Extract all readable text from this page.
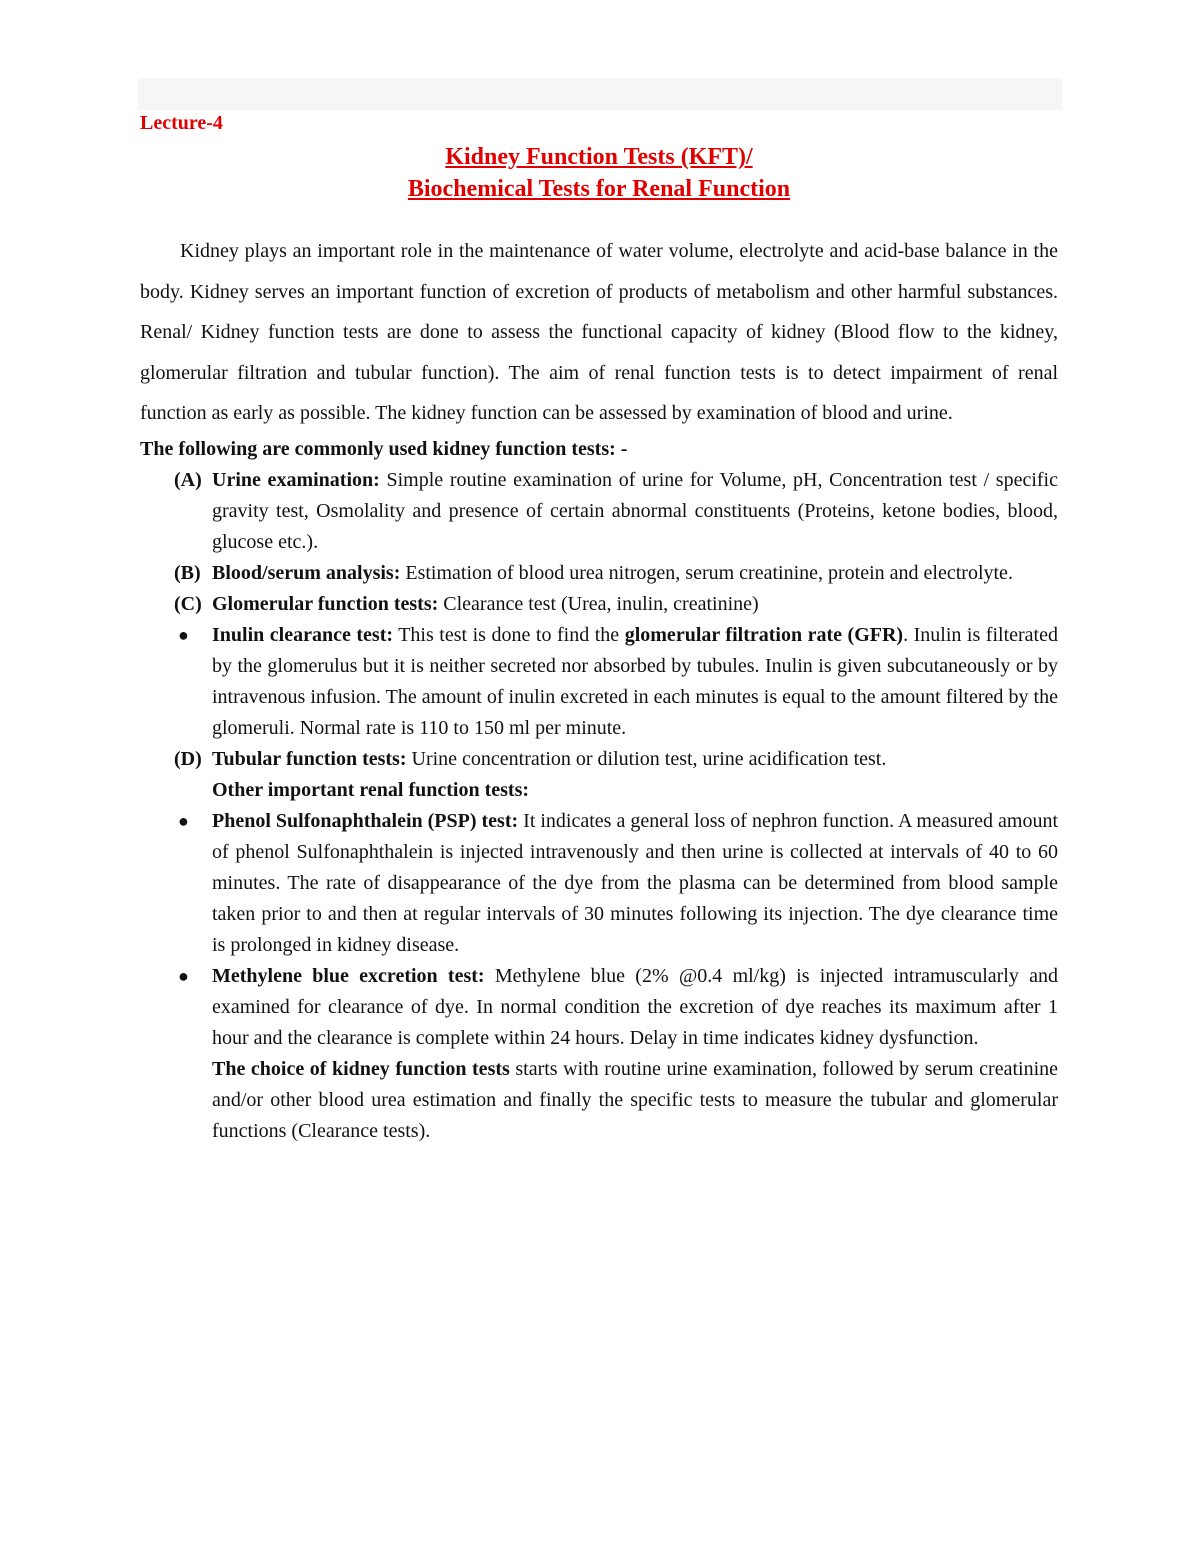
Lecture-4
Kidney Function Tests (KFT)/
Biochemical Tests for Renal Function
Kidney plays an important role in the maintenance of water volume, electrolyte and acid-base balance in the body. Kidney serves an important function of excretion of products of metabolism and other harmful substances. Renal/ Kidney function tests are done to assess the functional capacity of kidney (Blood flow to the kidney, glomerular filtration and tubular function). The aim of renal function tests is to detect impairment of renal function as early as possible. The kidney function can be assessed by examination of blood and urine.
The following are commonly used kidney function tests: -
(A) Urine examination: Simple routine examination of urine for Volume, pH, Concentration test / specific gravity test, Osmolality and presence of certain abnormal constituents (Proteins, ketone bodies, blood, glucose etc.).
(B) Blood/serum analysis: Estimation of blood urea nitrogen, serum creatinine, protein and electrolyte.
(C) Glomerular function tests: Clearance test (Urea, inulin, creatinine)
● Inulin clearance test: This test is done to find the glomerular filtration rate (GFR). Inulin is filterated by the glomerulus but it is neither secreted nor absorbed by tubules. Inulin is given subcutaneously or by intravenous infusion. The amount of inulin excreted in each minutes is equal to the amount filtered by the glomeruli. Normal rate is 110 to 150 ml per minute.
(D) Tubular function tests: Urine concentration or dilution test, urine acidification test.
Other important renal function tests:
● Phenol Sulfonaphthalein (PSP) test: It indicates a general loss of nephron function. A measured amount of phenol Sulfonaphthalein is injected intravenously and then urine is collected at intervals of 40 to 60 minutes. The rate of disappearance of the dye from the plasma can be determined from blood sample taken prior to and then at regular intervals of 30 minutes following its injection. The dye clearance time is prolonged in kidney disease.
● Methylene blue excretion test: Methylene blue (2% @0.4 ml/kg) is injected intramuscularly and examined for clearance of dye. In normal condition the excretion of dye reaches its maximum after 1 hour and the clearance is complete within 24 hours. Delay in time indicates kidney dysfunction.
The choice of kidney function tests starts with routine urine examination, followed by serum creatinine and/or other blood urea estimation and finally the specific tests to measure the tubular and glomerular functions (Clearance tests).
